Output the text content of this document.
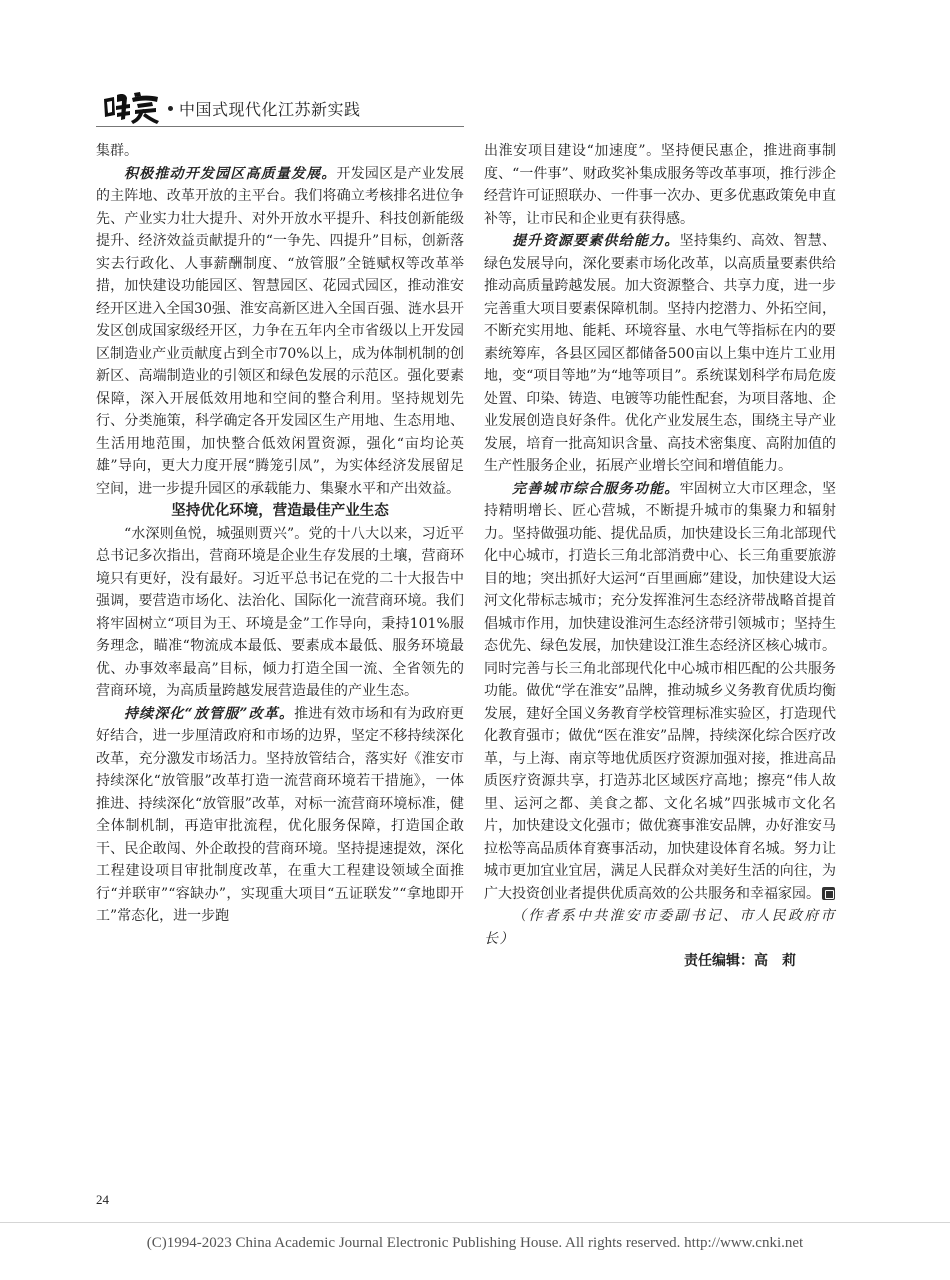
中国式现代化江苏新实践

集群。

积极推动开发园区高质量发展。开发园区是产业发展的主阵地、改革开放的主平台。我们将确立考核排名进位争先、产业实力壮大提升、对外开放水平提升、科技创新能级提升、经济效益贡献提升的“一争先、四提升”目标，创新落实去行政化、人事薪酬制度、“放管服”全链赋权等改革举措，加快建设功能园区、智慧园区、花园式园区，推动淮安经开区进入全国30强、淮安高新区进入全国百强、涟水县开发区创成国家级经开区，力争在五年内全市省级以上开发园区制造业产业贡献度占到全市70%以上，成为体制机制的创新区、高端制造业的引领区和绿色发展的示范区。强化要素保障，深入开展低效用地和空间的整合利用。坚持规划先行、分类施策，科学确定各开发园区生产用地、生态用地、生活用地范围，加快整合低效闲置资源，强化“亩均论英雄”导向，更大力度开展“腾笼引凤”，为实体经济发展留足空间，进一步提升园区的承载能力、集聚水平和产出效益。

坚持优化环境，营造最佳产业生态

“水深则鱼悦，城强则贾兴”。党的十八大以来，习近平总书记多次指出，营商环境是企业生存发展的土壤，营商环境只有更好，没有最好。习近平总书记在党的二十大报告中强调，要营造市场化、法治化、国际化一流营商环境。我们将牢固树立“项目为王、环境是金”工作导向，秉持101%服务理念，瞄准“物流成本最低、要素成本最低、服务环境最优、办事效率最高”目标，倾力打造全国一流、全省领先的营商环境，为高质量跨越发展营造最佳的产业生态。

持续深化“放管服”改革。推进有效市场和有为政府更好结合，进一步厘清政府和市场的边界，坚定不移持续深化改革，充分激发市场活力。坚持放管结合，落实好《淮安市持续深化“放管服”改革打造一流营商环境若干措施》，一体推进、持续深化“放管服”改革，对标一流营商环境标准，健全体制机制，再造审批流程，优化服务保障，打造国企敢干、民企敢闯、外企敢投的营商环境。坚持提速提效，深化工程建设项目审批制度改革，在重大工程建设领域全面推行“并联审”“容缺办”，实现重大项目“五证联发”“拿地即开工”常态化，进一步跑

出淮安项目建设“加速度”。坚持便民惠企，推进商事制度、“一件事”、财政奖补集成服务等改革事项，推行涉企经营许可证照联办、一件事一次办、更多优惠政策免申直补等，让市民和企业更有获得感。

提升资源要素供给能力。坚持集约、高效、智慧、绿色发展导向，深化要素市场化改革，以高质量要素供给推动高质量跨越发展。加大资源整合、共享力度，进一步完善重大项目要素保障机制。坚持内挖潜力、外拓空间，不断充实用地、能耗、环境容量、水电气等指标在内的要素统筹库，各县区园区都储备500亩以上集中连片工业用地，变“项目等地”为“地等项目”。系统谋划科学布局危废处置、印染、铸造、电镀等功能性配套，为项目落地、企业发展创造良好条件。优化产业发展生态，围绕主导产业发展，培育一批高知识含量、高技术密集度、高附加值的生产性服务企业，拓展产业增长空间和增值能力。

完善城市综合服务功能。牢固树立大市区理念，坚持精明增长、匠心营城，不断提升城市的集聚力和辐射力。坚持做强功能、提优品质，加快建设长三角北部现代化中心城市，打造长三角北部消费中心、长三角重要旅游目的地；突出抓好大运河“百里画廊”建设，加快建设大运河文化带标志城市；充分发挥淮河生态经济带战略首提首倡城市作用，加快建设淮河生态经济带引领城市；坚持生态优先、绿色发展，加快建设江淮生态经济区核心城市。同时完善与长三角北部现代化中心城市相匹配的公共服务功能。做优“学在淮安”品牌，推动城乡义务教育优质均衡发展，建好全国义务教育学校管理标准实验区，打造现代化教育强市；做优“医在淮安”品牌，持续深化综合医疗改革，与上海、南京等地优质医疗资源加强对接，推进高品质医疗资源共享，打造苏北区域医疗高地；擦亮“伟人故里、运河之都、美食之都、文化名城”四张城市文化名片，加快建设文化强市；做优赛事淮安品牌，办好淮安马拉松等高品质体育赛事活动，加快建设体育名城。努力让城市更加宜业宜居，满足人民群众对美好生活的向往，为广大投资创业者提供优质高效的公共服务和幸福家园。

（作者系中共淮安市委副书记、市人民政府市长）

责任编辑：高　莉

24
(C)1994-2023 China Academic Journal Electronic Publishing House. All rights reserved. http://www.cnki.net
